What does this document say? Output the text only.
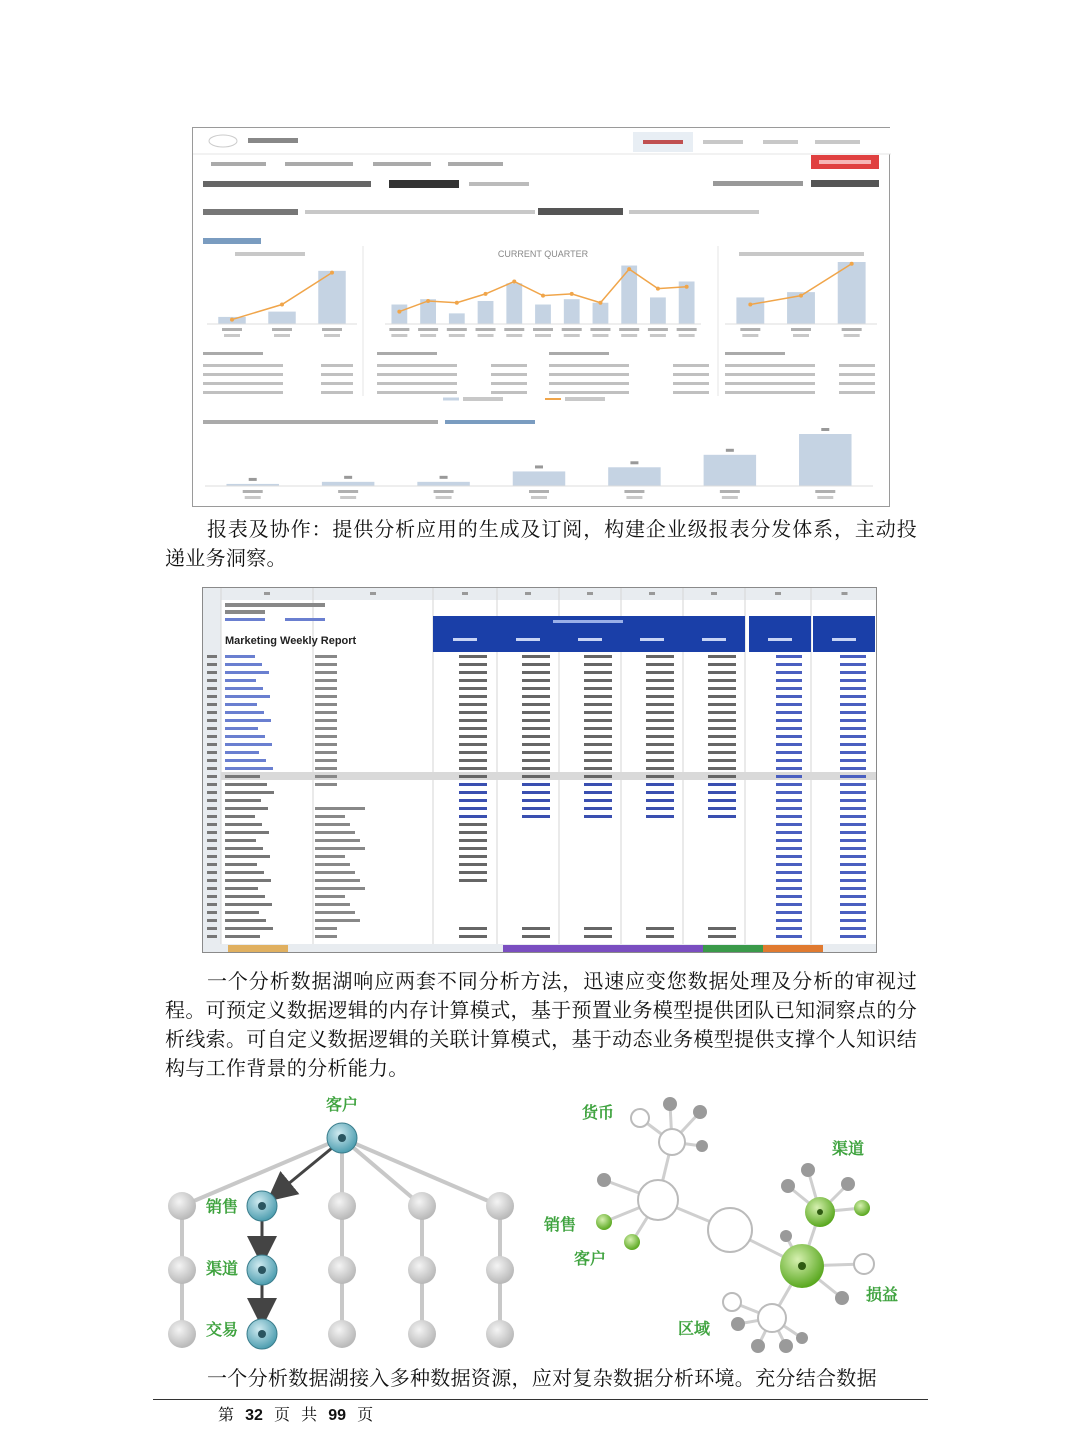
CURRENT QUARTER

报表及协作：提供分析应用的生成及订阅，构建企业级报表分发体系，主动投递业务洞察。

Marketing Weekly Report

一个分析数据湖响应两套不同分析方法，迅速应变您数据处理及分析的审视过程。可预定义数据逻辑的内存计算模式，基于预置业务模型提供团队已知洞察点的分析线索。可自定义数据逻辑的关联计算模式，基于动态业务模型提供支撑个人知识结构与工作背景的分析能力。

客户
销售
渠道
交易
货币
渠道
销售
客户
损益
区域

一个分析数据湖接入多种数据资源，应对复杂数据分析环境。充分结合数据

第 32 页 共 99 页
